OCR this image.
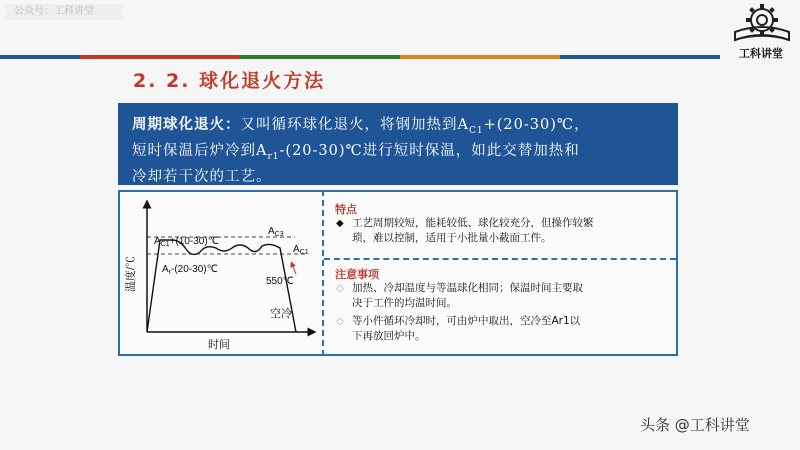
公众号：工科讲堂
工科讲堂
2. 2. 球化退火方法
周期球化退火：又叫循环球化退火，将钢加热到$A_{C1}+(20-30)℃$，
短时保温后炉冷到$A_{r1}-(20-30)℃$进行短时保温，如此交替加热和
冷却若干次的工艺。
$A_{C1}+(10-30)℃$
$A_r-(20-30)℃$
$A_{C3}$
$A_{C1}$
550℃
空冷
温度/℃
时间
特点
◆ 工艺周期较短，能耗较低、球化较充分，但操作较繁
琐，难以控制，适用于小批量小截面工件。
注意事项
◇ 加热、冷却温度与等温球化相同；保温时间主要取
决于工件的均温时间。
◇ 等小件循环冷却时，可由炉中取出，空冷至Ar1以
下再放回炉中。
头条 @工科讲堂
